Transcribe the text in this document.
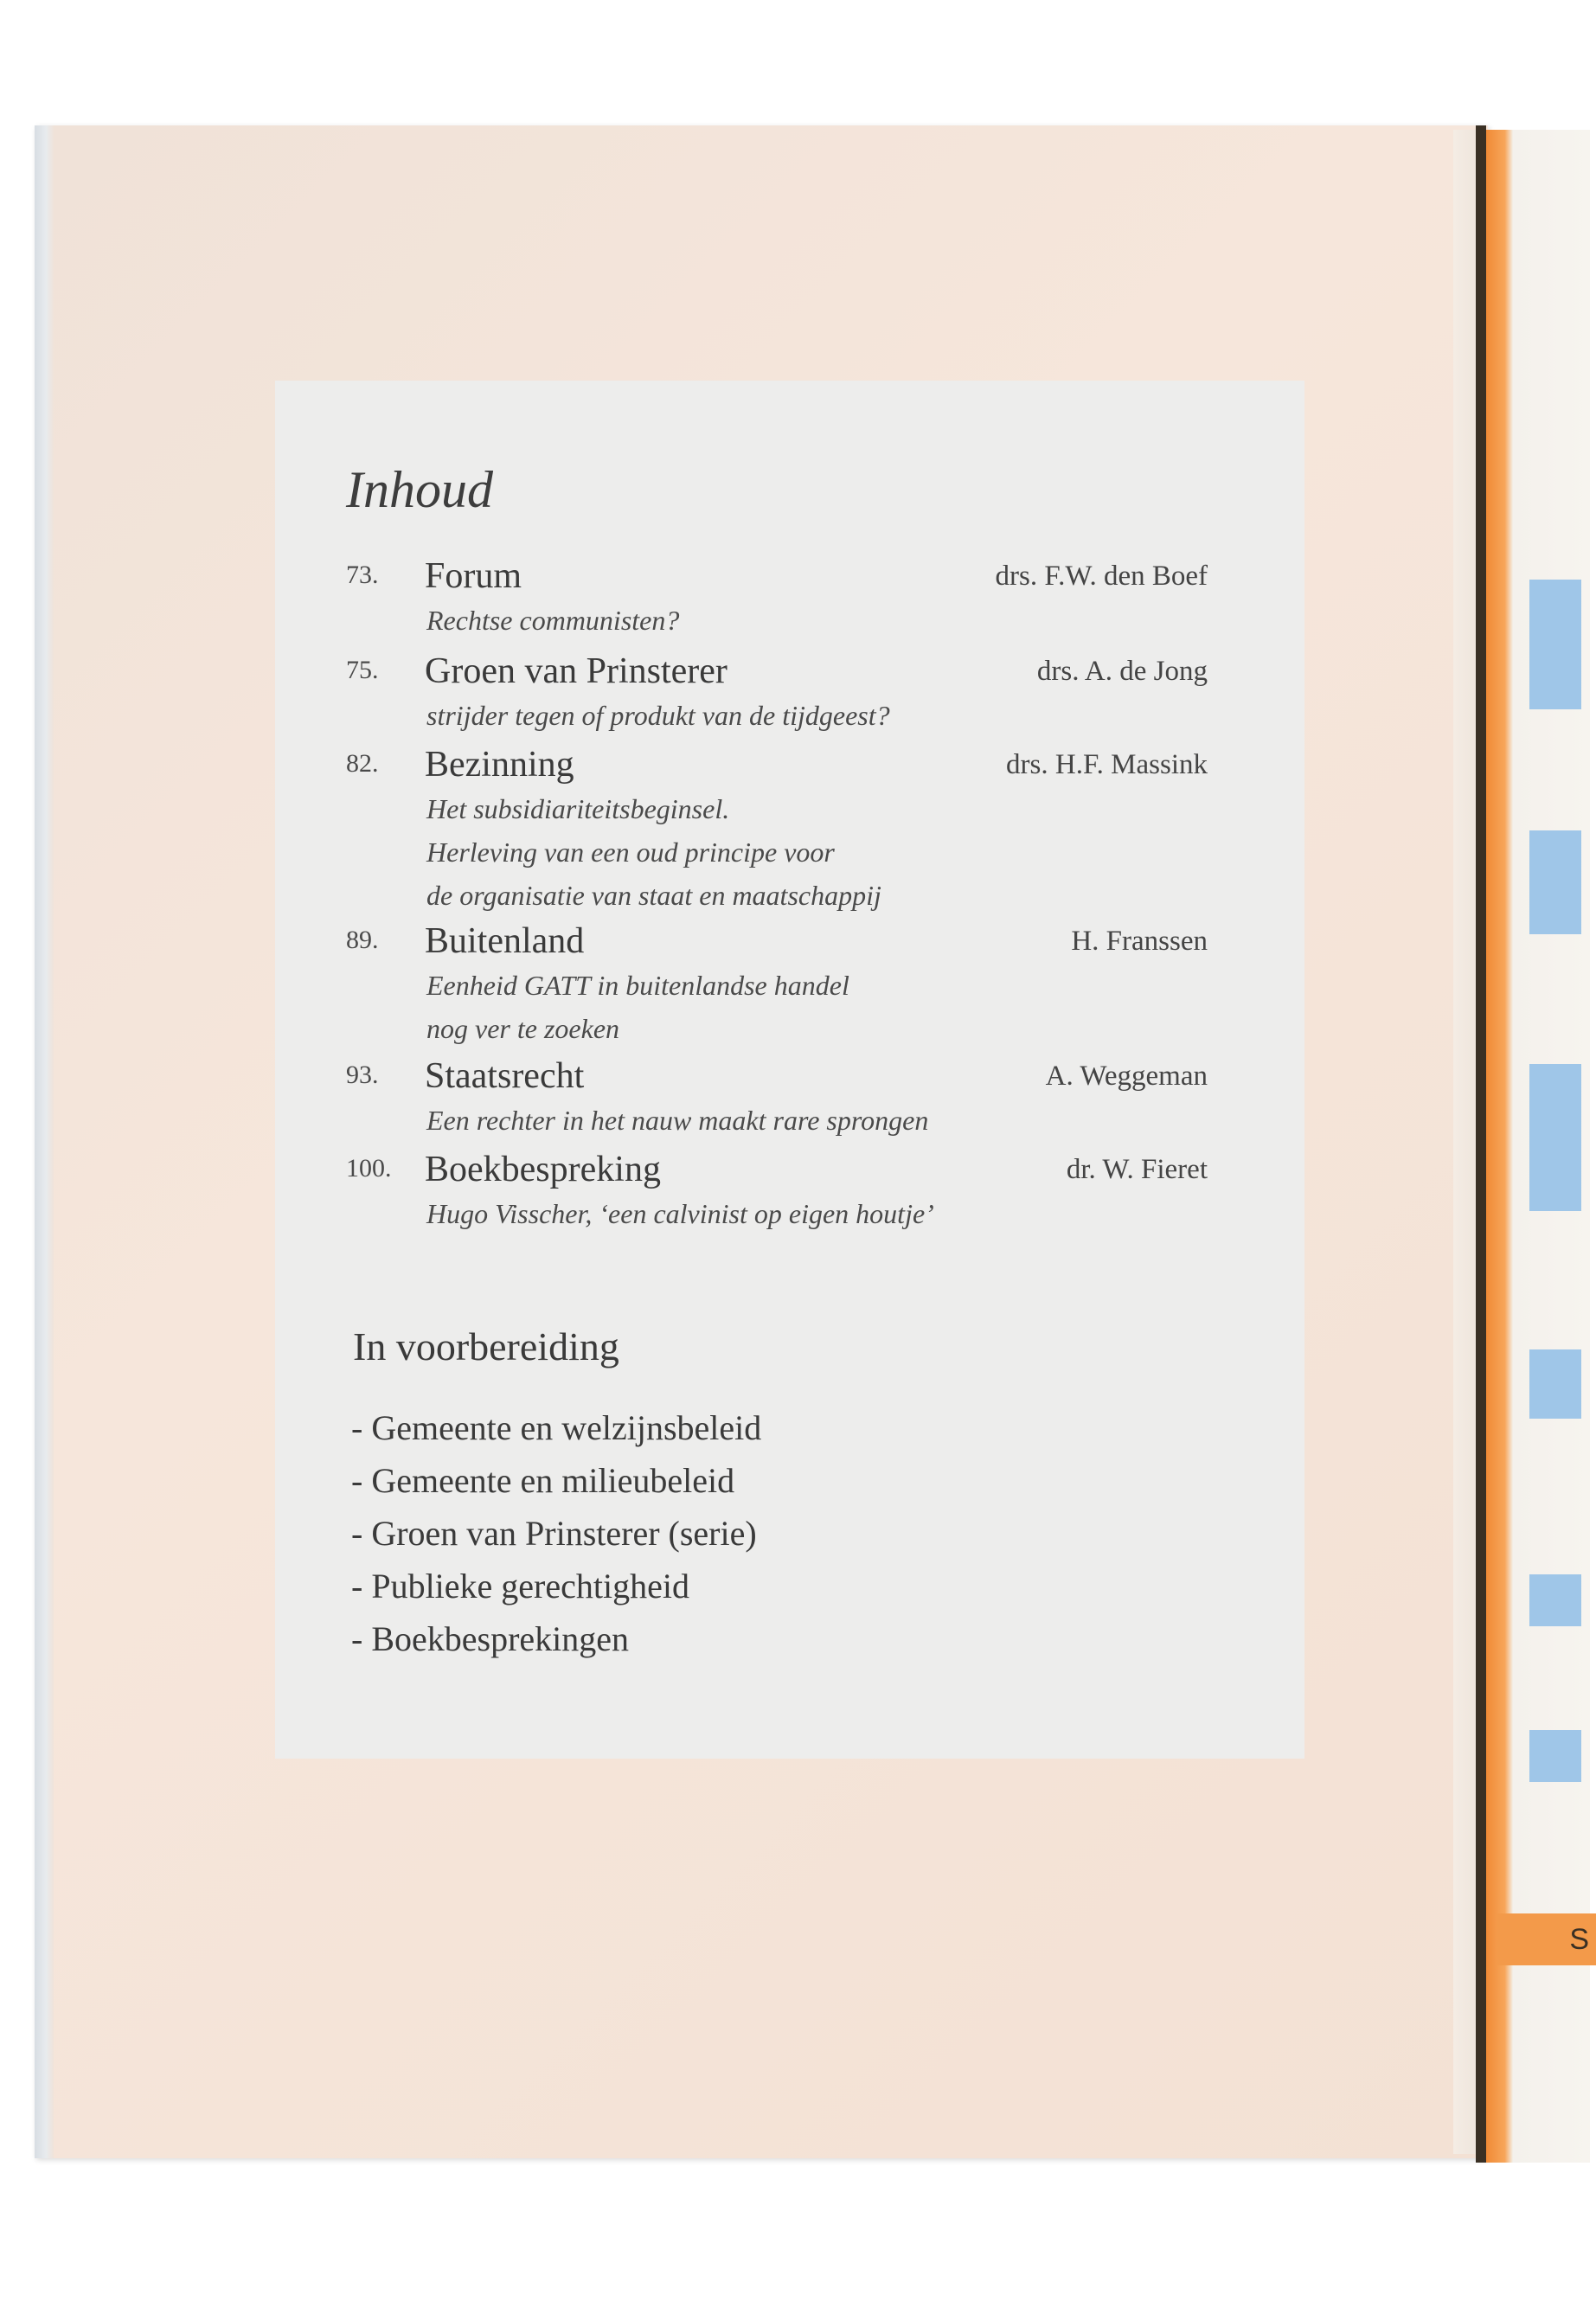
S
Inhoud
73. Forum	drs. F.W. den Boef
Rechtse communisten?
75. Groen van Prinsterer	drs. A. de Jong
strijder tegen of produkt van de tijdgeest?
82. Bezinning	drs. H.F. Massink
Het subsidiariteitsbeginsel.
Herleving van een oud principe voor
de organisatie van staat en maatschappij
89. Buitenland	H. Franssen
Eenheid GATT in buitenlandse handel
nog ver te zoeken
93. Staatsrecht	A. Weggeman
Een rechter in het nauw maakt rare sprongen
100. Boekbespreking	dr. W. Fieret
Hugo Visscher, ‘een calvinist op eigen houtje’
In voorbereiding
- Gemeente en welzijnsbeleid
- Gemeente en milieubeleid
- Groen van Prinsterer (serie)
- Publieke gerechtigheid
- Boekbesprekingen
